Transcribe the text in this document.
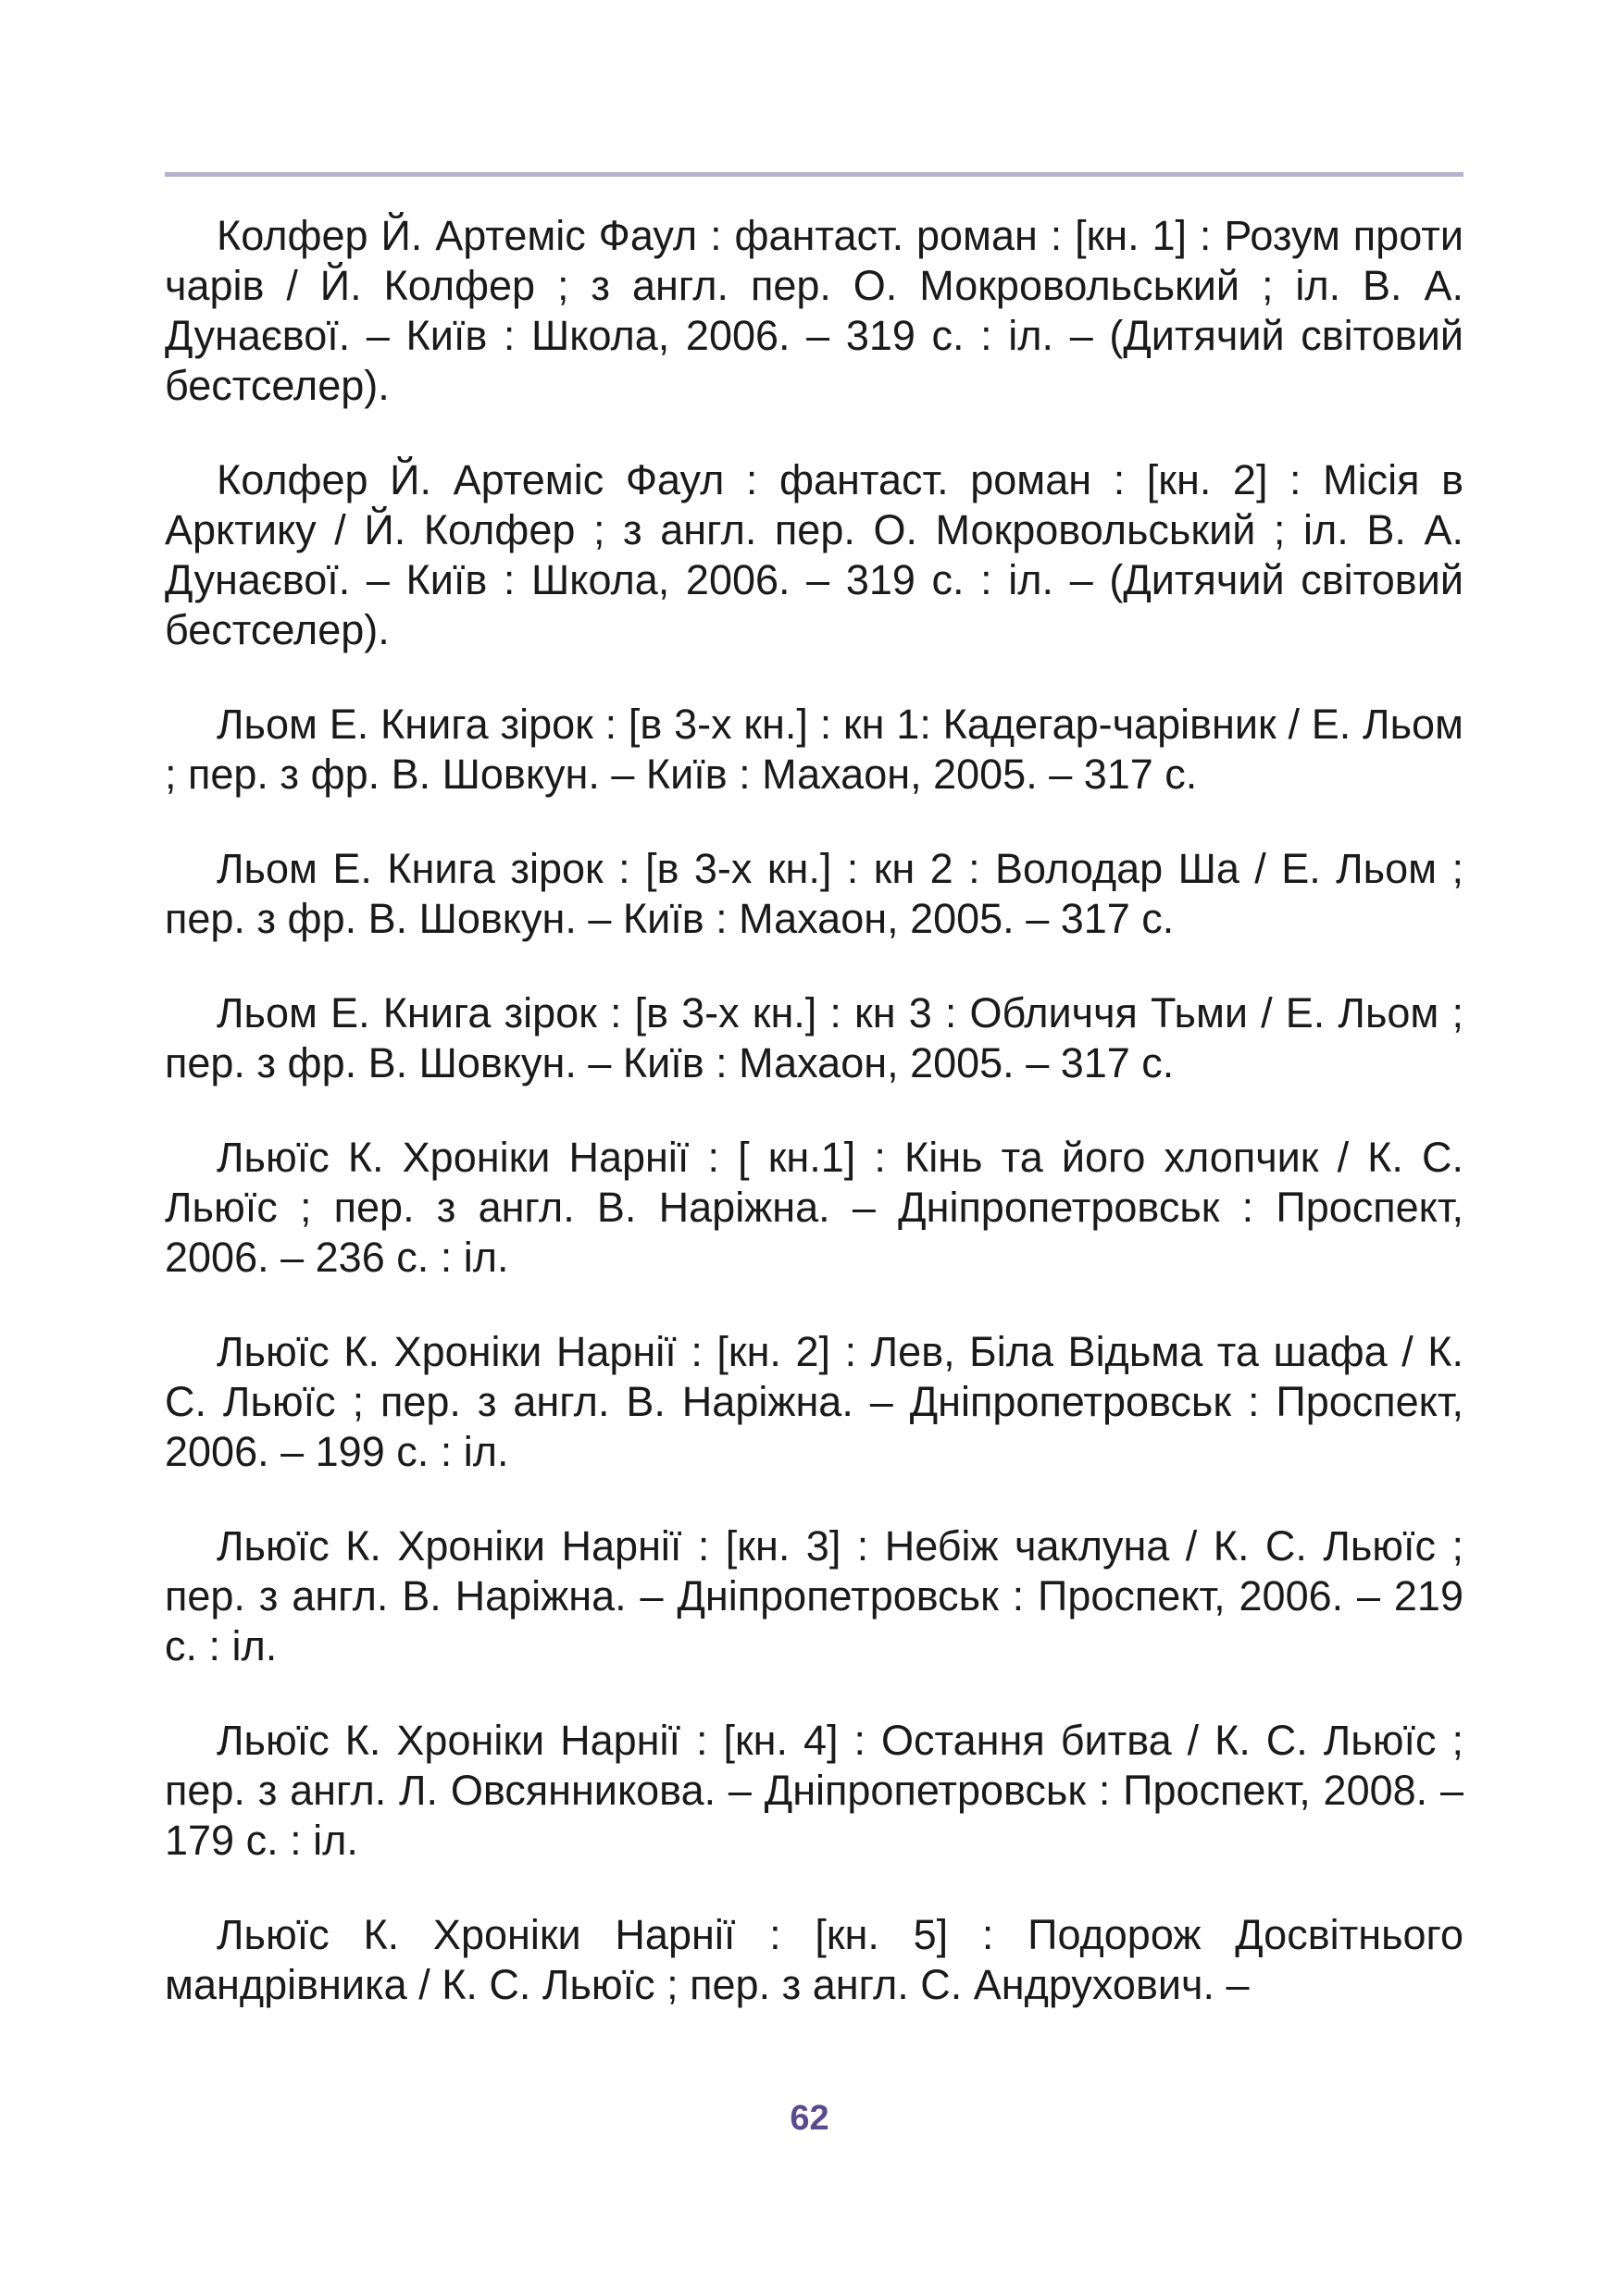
Колфер Й. Артеміс Фаул : фантаст. роман : [кн. 1] : Розум проти чарів / Й. Колфер ; з англ. пер. О. Мокровольський ; іл. В. А. Дунаєвої. – Київ : Школа, 2006. – 319 с. : іл. – (Дитячий світовий бестселер).

Колфер Й. Артеміс Фаул : фантаст. роман : [кн. 2] : Місія в Арктику / Й. Колфер ; з англ. пер. О. Мокровольський ; іл. В. А. Дунаєвої. – Київ : Школа, 2006. – 319 с. : іл. – (Дитячий світовий бестселер).

Льом Е. Книга зірок : [в 3-х кн.] : кн 1: Кадегар-чарівник / Е. Льом ; пер. з фр. В. Шовкун. – Київ : Махаон, 2005. – 317 с.

Льом Е. Книга зірок : [в 3-х кн.] : кн 2 : Володар Ша / Е. Льом ; пер. з фр. В. Шовкун. – Київ : Махаон, 2005. – 317 с.

Льом Е. Книга зірок : [в 3-х кн.] : кн 3 : Обличчя Тьми / Е. Льом ; пер. з фр. В. Шовкун. – Київ : Махаон, 2005. – 317 с.

Льюїс К. Хроніки Нарнії : [ кн.1] : Кінь та його хлопчик / К. С. Льюїс ; пер. з англ. В. Наріжна. – Дніпропетровськ : Проспект, 2006. – 236 с. : іл.

Льюїс К. Хроніки Нарнії : [кн. 2] : Лев, Біла Відьма та шафа / К. С. Льюїс ; пер. з англ. В. Наріжна. – Дніпропетровськ : Проспект, 2006. – 199 с. : іл.

Льюїс К. Хроніки Нарнії : [кн. 3] : Небіж чаклуна / К. С. Льюїс ; пер. з англ. В. Наріжна. – Дніпропетровськ : Проспект, 2006. – 219 с. : іл.

Льюїс К. Хроніки Нарнії : [кн. 4] : Остання битва / К. С. Льюїс ; пер. з англ. Л. Овсянникова. – Дніпропетровськ : Проспект, 2008. – 179 с. : іл.

Льюїс К. Хроніки Нарнії : [кн. 5] : Подорож Досвітнього мандрівника / К. С. Льюїс ; пер. з англ. С. Андрухович. –

62
